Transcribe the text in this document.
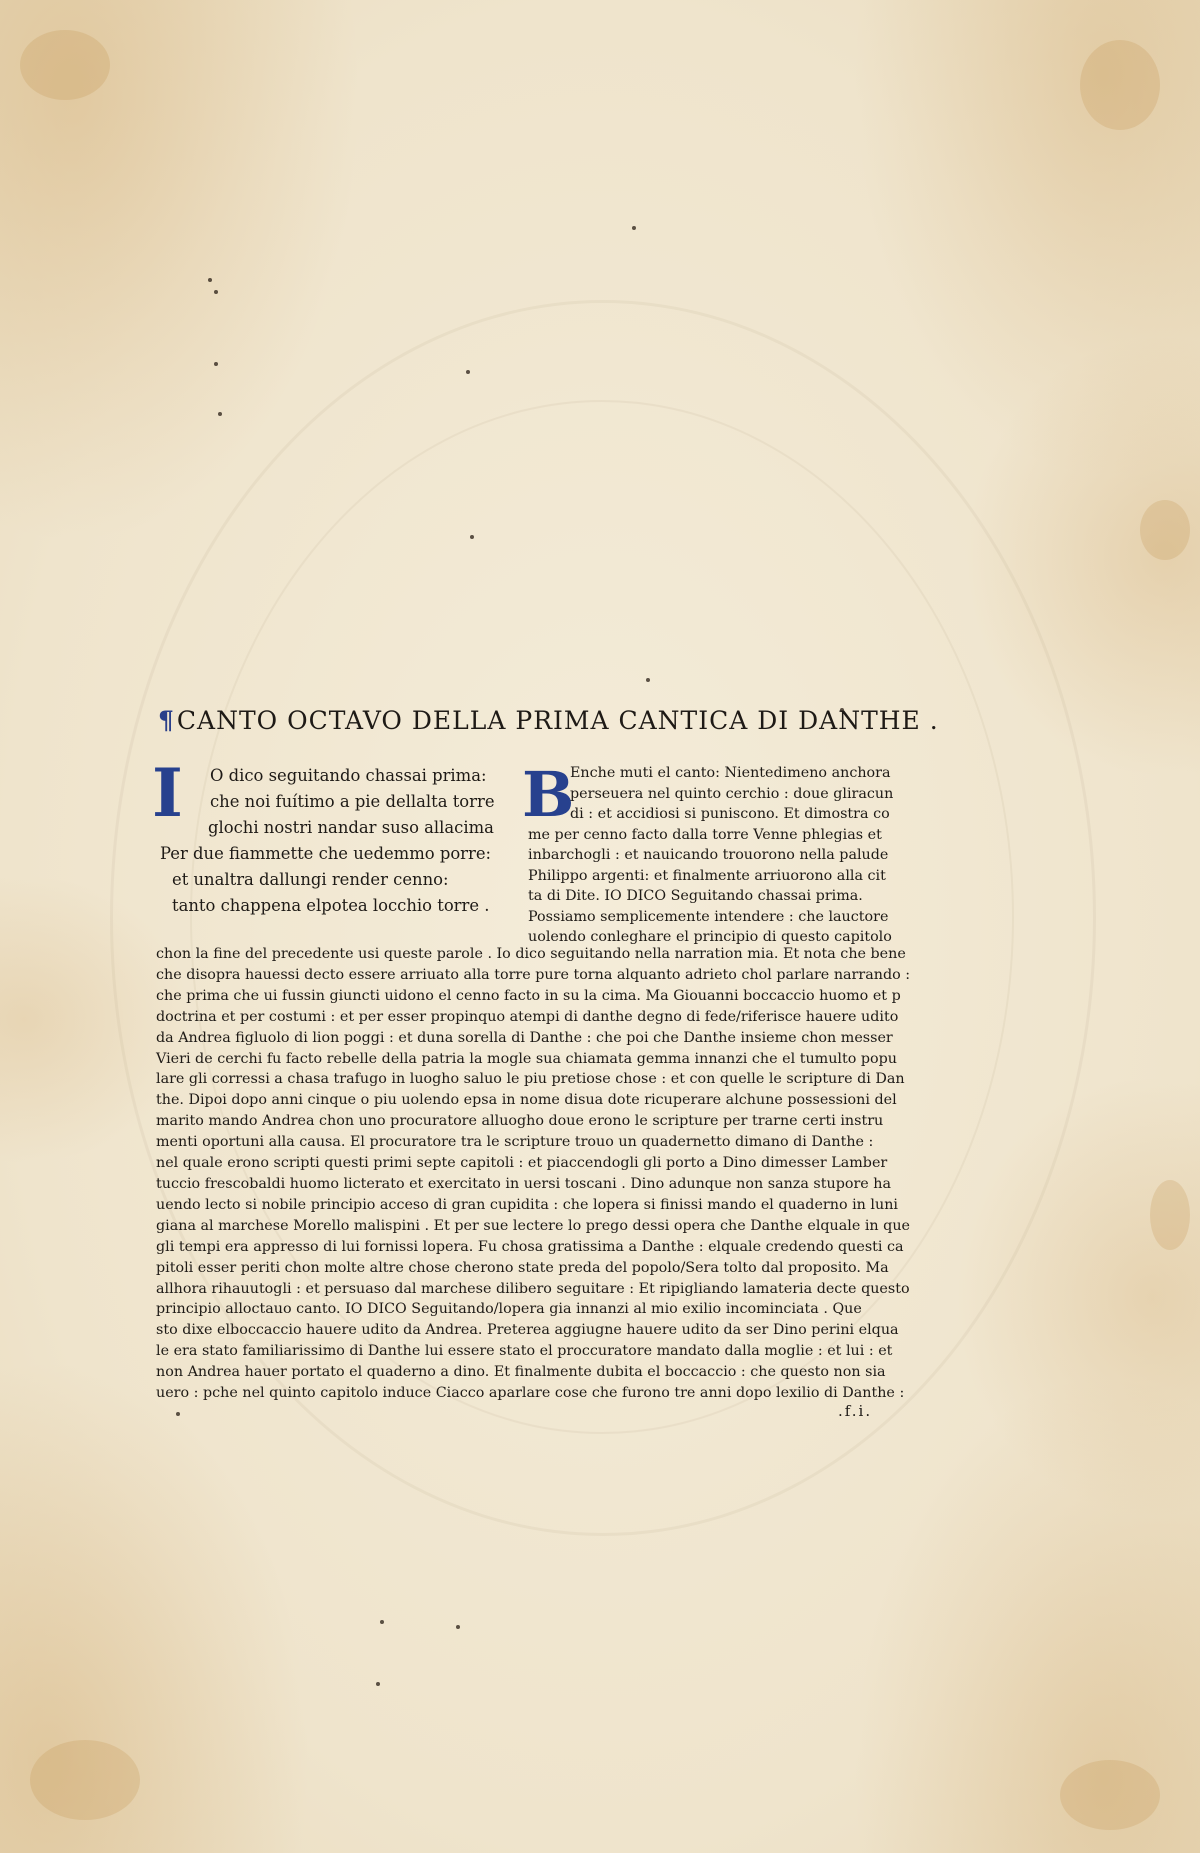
¶CANTO OCTAVO DELLA PRIMA CANTICA DI DANTHE .
I	O dico seguitando chassai prima:
che noi fuítimo a pie dellalta torre
glochi nostri nandar suso allacima
Per due fiammette che uedemmo porre:
et unaltra dallungi render cenno:
tanto chappena elpotea locchio torre .
B
Enche muti el canto: Nientedimeno anchora
perseuera nel quinto cerchio : doue gliracun
di : et accidiosi si puniscono. Et dimostra co
me per cenno facto dalla torre Venne phlegias et
inbarchogli : et nauicando trouorono nella palude
Philippo argenti: et finalmente arriuorono alla cit
ta di Dite. IO DICO Seguitando chassai prima.
Possiamo semplicemente intendere : che lauctore
uolendo conleghare el principio di questo capitolo
chon la fine del precedente usi queste parole . Io dico seguitando nella narration mia. Et nota che bene
che disopra hauessi decto essere arriuato alla torre pure torna alquanto adrieto chol parlare narrando :
che prima che ui fussin giuncti uidono el cenno facto in su la cima. Ma Giouanni boccaccio huomo et p
doctrina et per costumi : et per esser propinquo atempi di danthe degno di fede/riferisce hauere udito
da Andrea figluolo di lion poggi : et duna sorella di Danthe : che poi che Danthe insieme chon messer
Vieri de cerchi fu facto rebelle della patria la mogle sua chiamata gemma innanzi che el tumulto popu
lare gli corressi a chasa trafugo in luogho saluo le piu pretiose chose : et con quelle le scripture di Dan
the. Dipoi dopo anni cinque o piu uolendo epsa in nome disua dote ricuperare alchune possessioni del
marito mando Andrea chon uno procuratore alluogho doue erono le scripture per trarne certi instru
menti oportuni alla causa. El procuratore tra le scripture trouo un quadernetto dimano di Danthe :
nel quale erono scripti questi primi septe capitoli : et piaccendogli gli porto a Dino dimesser Lamber
tuccio frescobaldi huomo licterato et exercitato in uersi toscani . Dino adunque non sanza stupore ha
uendo lecto si nobile principio acceso di gran cupidita : che lopera si finissi mando el quaderno in luni
giana al marchese Morello malispini . Et per sue lectere lo prego dessi opera che Danthe elquale in que
gli tempi era appresso di lui fornissi lopera. Fu chosa gratissima a Danthe : elquale credendo questi ca
pitoli esser periti chon molte altre chose cherono state preda del popolo/Sera tolto dal proposito. Ma
allhora rihauutogli : et persuaso dal marchese dilibero seguitare : Et ripigliando lamateria decte questo
principio alloctauo canto. IO DICO Seguitando/lopera gia innanzi al mio exilio incominciata . Que
sto dixe elboccaccio hauere udito da Andrea. Preterea aggiugne hauere udito da ser Dino perini elqua
le era stato familiarissimo di Danthe lui essere stato el proccuratore mandato dalla moglie : et lui : et
non Andrea hauer portato el quaderno a dino. Et finalmente dubita el boccaccio : che questo non sia
uero : pche nel quinto capitolo induce Ciacco aparlare cose che furono tre anni dopo lexilio di Danthe :
.f.i.
